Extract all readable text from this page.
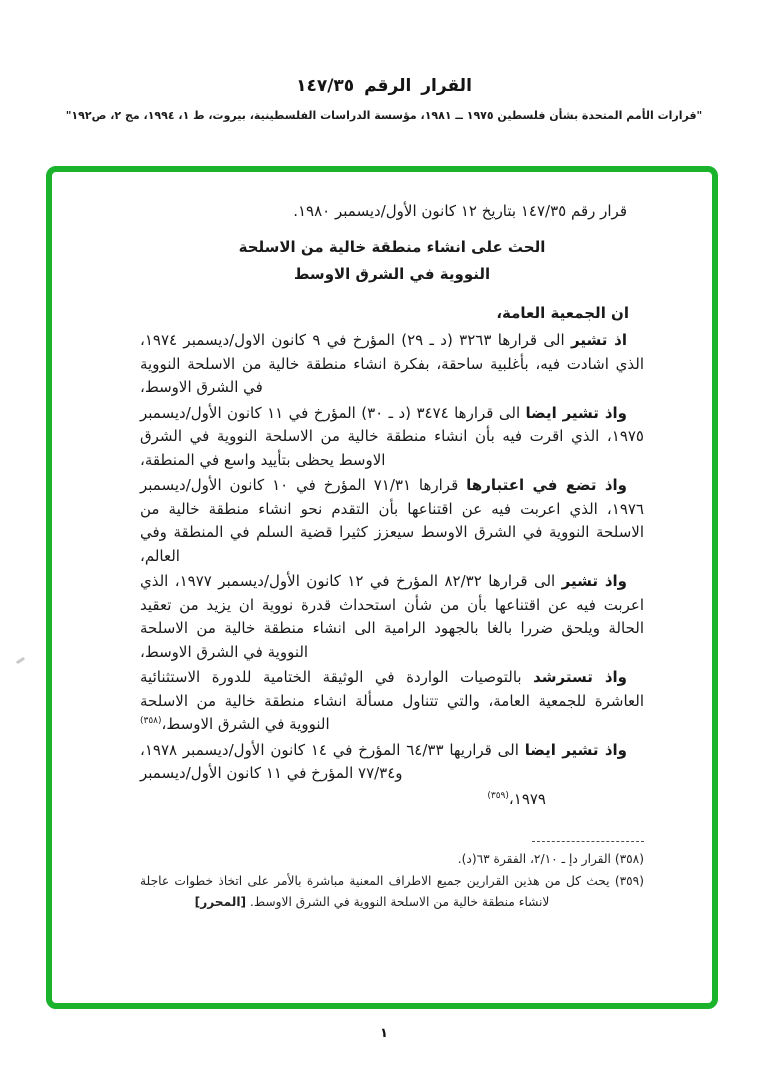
القرار الرقم ١٤٧/٣٥
"قرارات الأمم المتحدة بشأن فلسطين ١٩٧٥ ــ ١٩٨١، مؤسسة الدراسات الفلسطينية، بيروت، ط ١، ١٩٩٤، مج ٢، ص١٩٢"

قرار رقم ١٤٧/٣٥ بتاريخ ١٢ كانون الأول/ديسمبر ١٩٨٠.

الحث على انشاء منطقة خالية من الاسلحة
النووية في الشرق الاوسط

ان الجمعية العامة،

اذ تشير الى قرارها ٣٢٦٣ (د ـ ٢٩) المؤرخ في ٩ كانون الاول/ديسمبر ١٩٧٤، الذي اشادت فيه، بأغلبية ساحقة، بفكرة انشاء منطقة خالية من الاسلحة النووية في الشرق الاوسط،

واذ تشير ايضا الى قرارها ٣٤٧٤ (د ـ ٣٠) المؤرخ في ١١ كانون الأول/ديسمبر ١٩٧٥، الذي اقرت فيه بأن انشاء منطقة خالية من الاسلحة النووية في الشرق الاوسط يحظى بتأييد واسع في المنطقة،

واذ تضع في اعتبارها قرارها ٧١/٣١ المؤرخ في ١٠ كانون الأول/ديسمبر ١٩٧٦، الذي اعربت فيه عن اقتناعها بأن التقدم نحو انشاء منطقة خالية من الاسلحة النووية في الشرق الاوسط سيعزز كثيرا قضية السلم في المنطقة وفي العالم،

واذ تشير الى قرارها ٨٢/٣٢ المؤرخ في ١٢ كانون الأول/ديسمبر ١٩٧٧، الذي اعربت فيه عن اقتناعها بأن من شأن استحداث قدرة نووية ان يزيد من تعقيد الحالة ويلحق ضررا بالغا بالجهود الرامية الى انشاء منطقة خالية من الاسلحة النووية في الشرق الاوسط،

واذ تسترشد بالتوصيات الواردة في الوثيقة الختامية للدورة الاستثنائية العاشرة للجمعية العامة، والتي تتناول مسألة انشاء منطقة خالية من الاسلحة النووية في الشرق الاوسط،$^{(٣٥٨)}$

واذ تشير ايضا الى قراريها ٦٤/٣٣ المؤرخ في ١٤ كانون الأول/ديسمبر ١٩٧٨، و٧٧/٣٤ المؤرخ في ١١ كانون الأول/ديسمبر

١٩٧٩،$^{(٣٥٩)}$
(٣٥٨) القرار دإ ـ ٢/١٠، الفقرة ٦٣(د).
(٣٥٩) يحث كل من هذين القرارين جميع الاطراف المعنية مباشرة بالأمر على اتخاذ خطوات عاجلة لانشاء منطقة خالية من الاسلحة النووية في الشرق الاوسط. [المحرر]
١
